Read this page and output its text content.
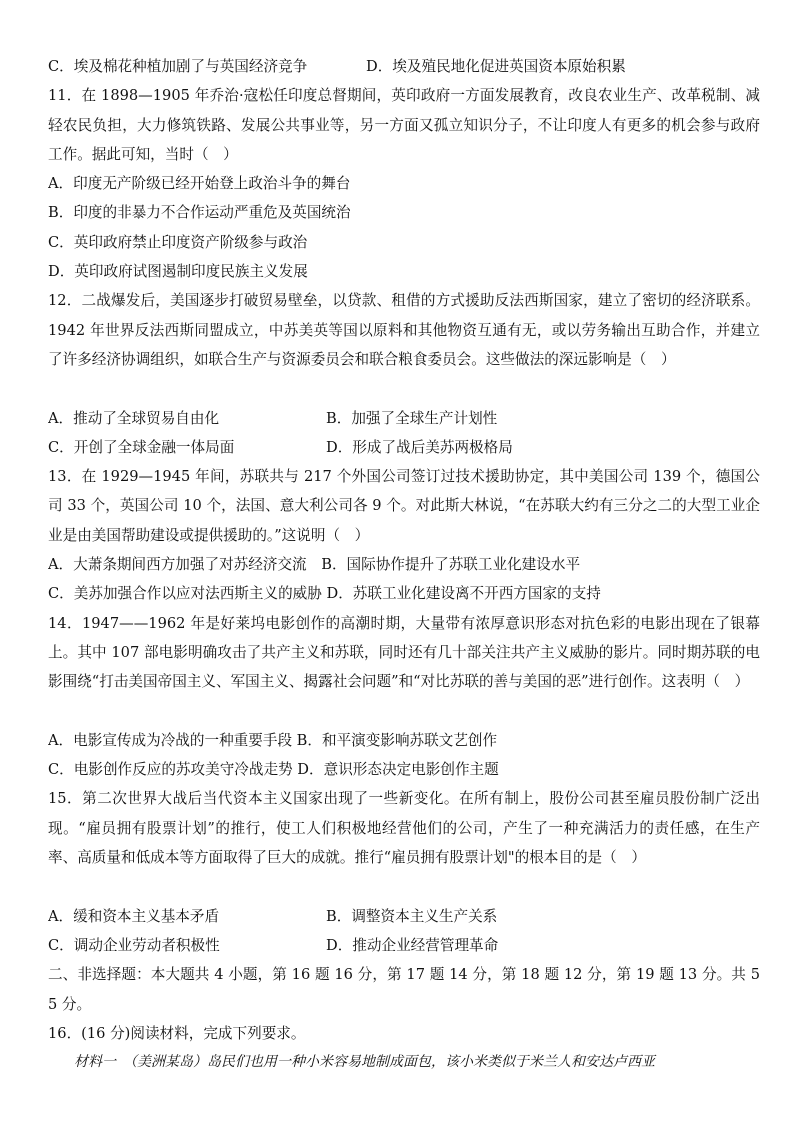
C．埃及棉花种植加剧了与英国经济竞争	D．埃及殖民地化促进英国资本原始积累
11．在 1898—1905 年乔治·寇松任印度总督期间，英印政府一方面发展教育，改良农业生产、改革税制、减轻农民负担，大力修筑铁路、发展公共事业等，另一方面又孤立知识分子，不让印度人有更多的机会参与政府工作。据此可知，当时（　）
A．印度无产阶级已经开始登上政治斗争的舞台
B．印度的非暴力不合作运动严重危及英国统治
C．英印政府禁止印度资产阶级参与政治
D．英印政府试图遏制印度民族主义发展
12．二战爆发后，美国逐步打破贸易壁垒，以贷款、租借的方式援助反法西斯国家，建立了密切的经济联系。1942 年世界反法西斯同盟成立，中苏美英等国以原料和其他物资互通有无，或以劳务输出互助合作，并建立了许多经济协调组织，如联合生产与资源委员会和联合粮食委员会。这些做法的深远影响是（　）
A．推动了全球贸易自由化	B．加强了全球生产计划性
C．开创了全球金融一体局面	D．形成了战后美苏两极格局
13．在 1929—1945 年间，苏联共与 217 个外国公司签订过技术援助协定，其中美国公司 139 个，德国公司 33 个，英国公司 10 个，法国、意大利公司各 9 个。对此斯大林说，“在苏联大约有三分之二的大型工业企业是由美国帮助建设或提供援助的。”这说明（　）
A．大萧条期间西方加强了对苏经济交流　B．国际协作提升了苏联工业化建设水平
C．美苏加强合作以应对法西斯主义的威胁 D．苏联工业化建设离不开西方国家的支持
14．1947——1962 年是好莱坞电影创作的高潮时期，大量带有浓厚意识形态对抗色彩的电影出现在了银幕上。其中 107 部电影明确攻击了共产主义和苏联，同时还有几十部关注共产主义威胁的影片。同时期苏联的电影围绕“打击美国帝国主义、军国主义、揭露社会问题”和“对比苏联的善与美国的恶”进行创作。这表明（　）
A．电影宣传成为冷战的一种重要手段 B．和平演变影响苏联文艺创作
C．电影创作反应的苏攻美守冷战走势 D．意识形态决定电影创作主题
15．第二次世界大战后当代资本主义国家出现了一些新变化。在所有制上，股份公司甚至雇员股份制广泛出现。“雇员拥有股票计划”的推行，使工人们积极地经营他们的公司，产生了一种充满活力的责任感，在生产率、高质量和低成本等方面取得了巨大的成就。推行“雇员拥有股票计划"的根本目的是（　）
A．缓和资本主义基本矛盾	B．调整资本主义生产关系
C．调动企业劳动者积极性	D．推动企业经营管理革命
二、非选择题：本大题共 4 小题，第 16 题 16 分，第 17 题 14 分，第 18 题 12 分，第 19 题 13 分。共 55 分。
16．(16 分)阅读材料，完成下列要求。
材料一　（美洲某岛）岛民们也用一种小米容易地制成面包，该小米类似于米兰人和安达卢西亚
